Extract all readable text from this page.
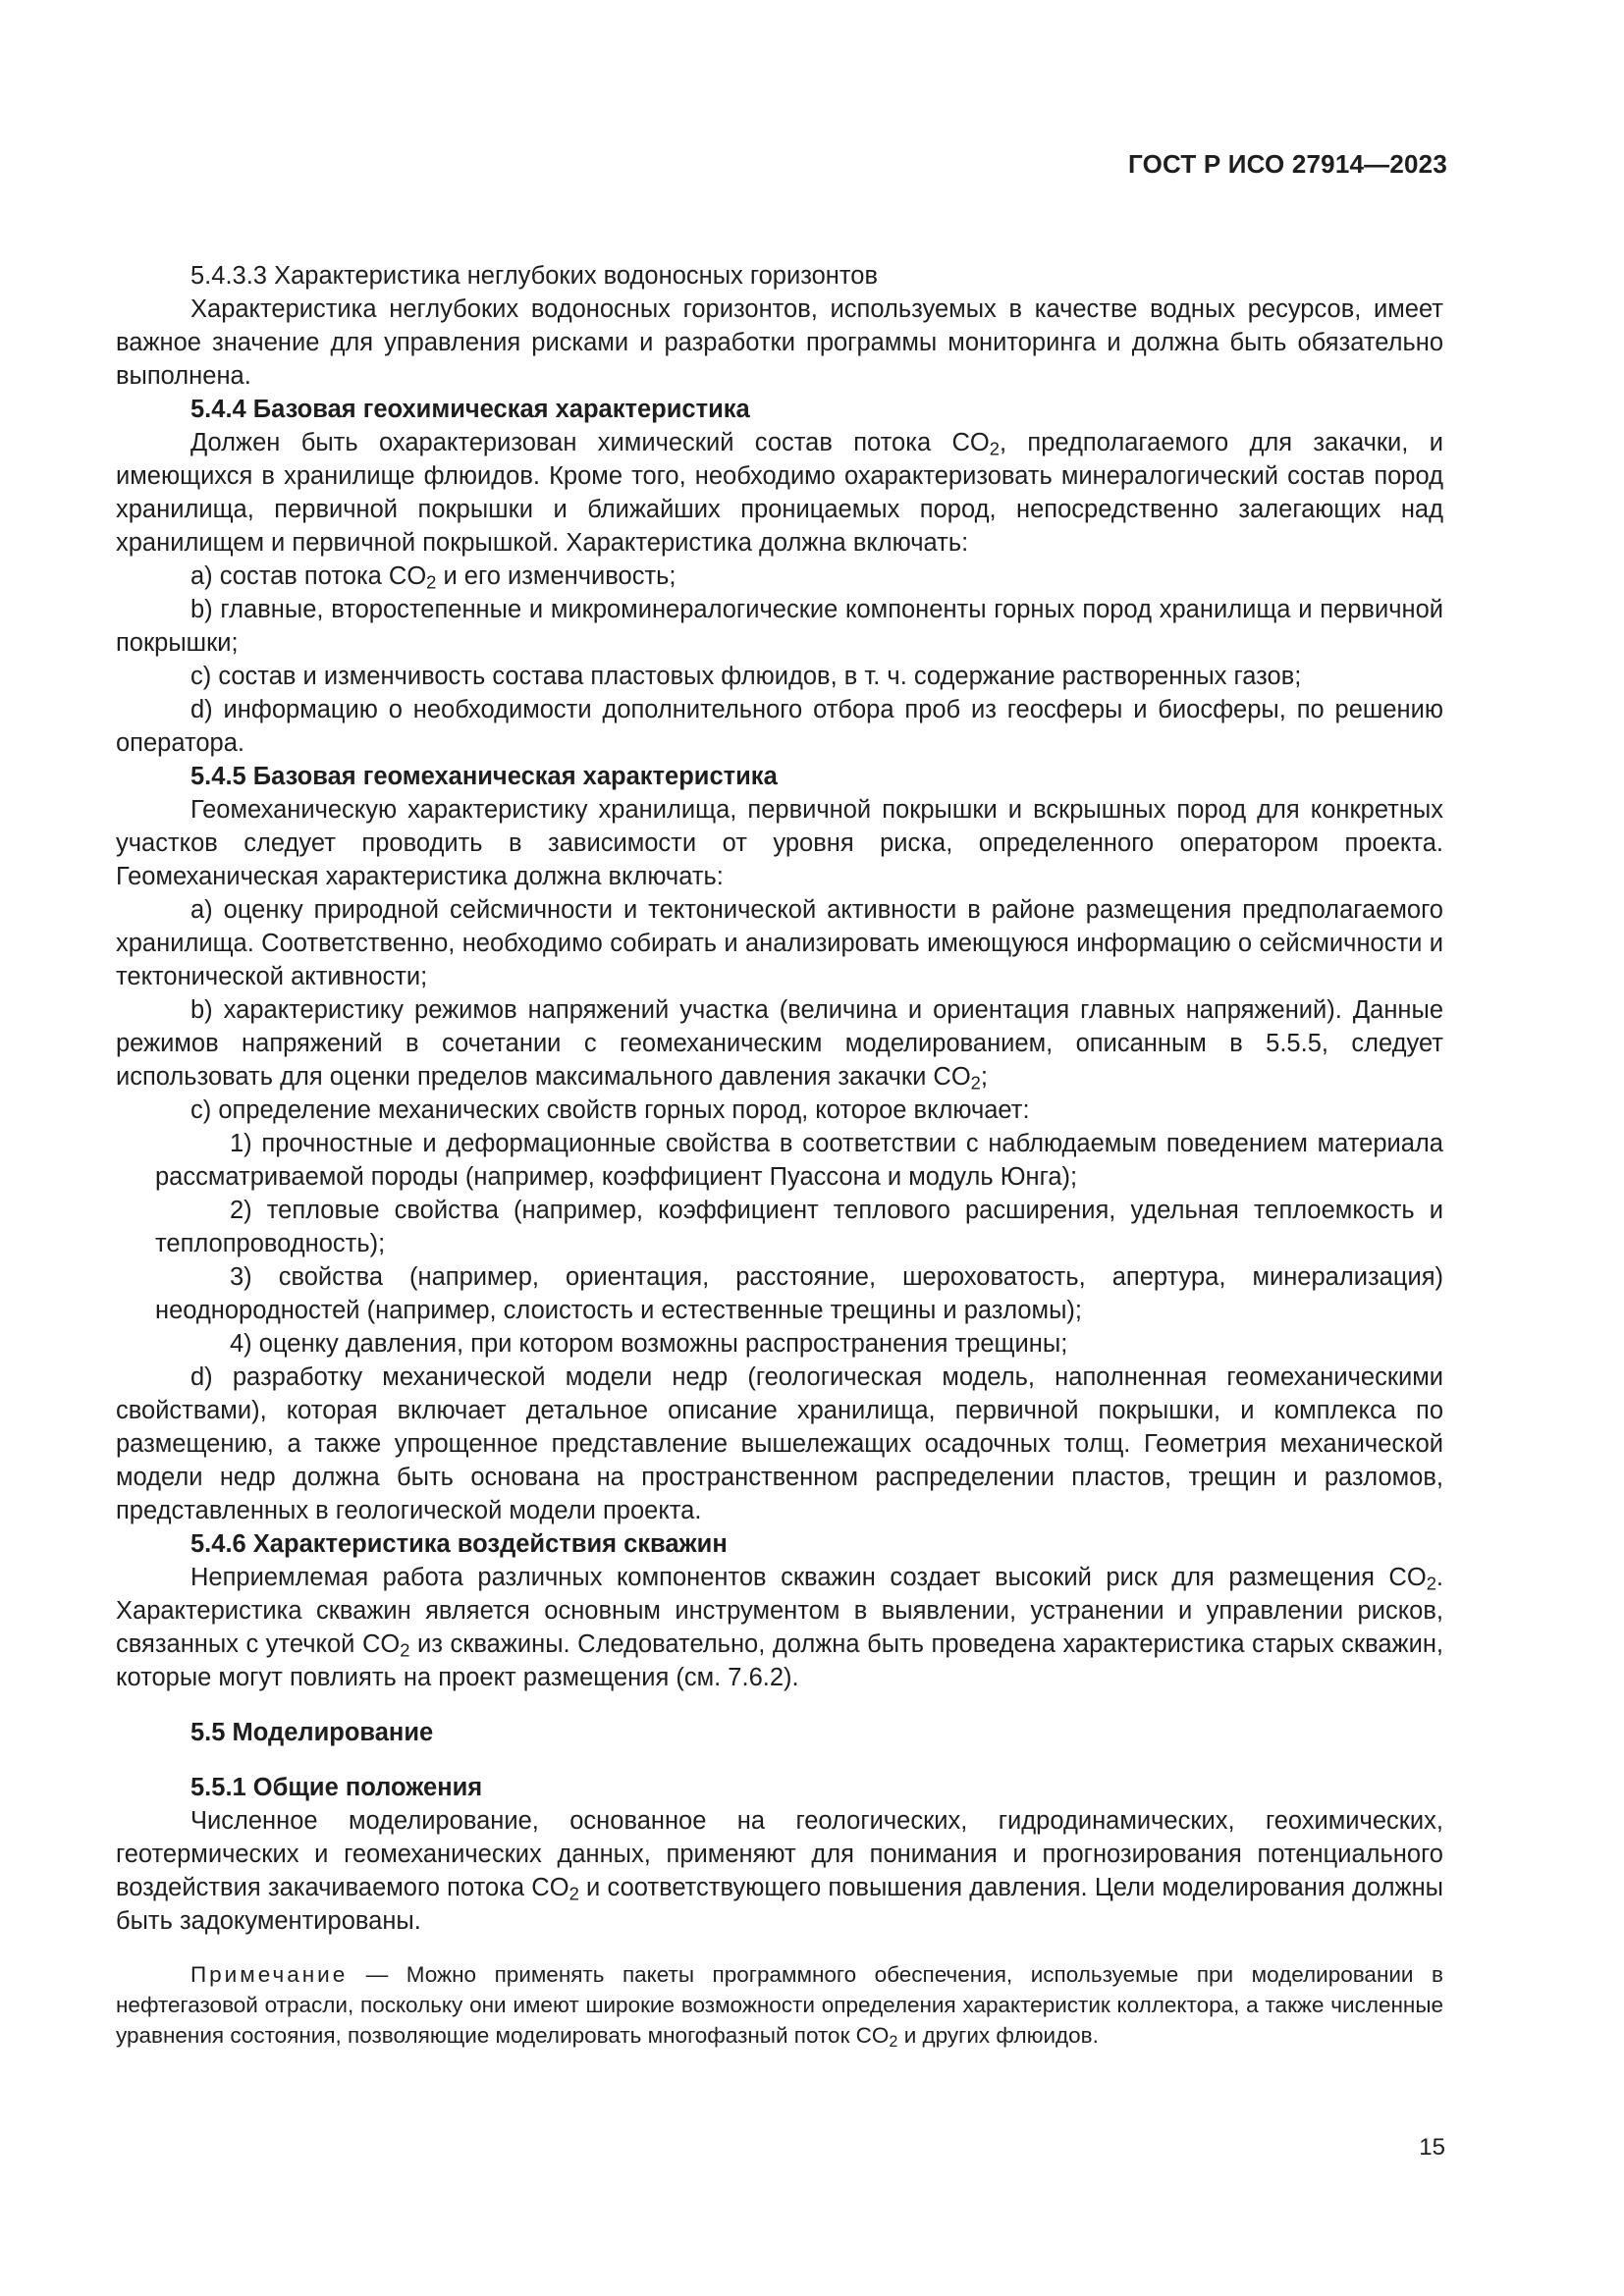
ГОСТ Р ИСО 27914—2023

5.4.3.3 Характеристика неглубоких водоносных горизонтов

Характеристика неглубоких водоносных горизонтов, используемых в качестве водных ресурсов, имеет важное значение для управления рисками и разработки программы мониторинга и должна быть обязательно выполнена.

5.4.4 Базовая геохимическая характеристика

Должен быть охарактеризован химический состав потока $CO_2$, предполагаемого для закачки, и имеющихся в хранилище флюидов. Кроме того, необходимо охарактеризовать минералогический состав пород хранилища, первичной покрышки и ближайших проницаемых пород, непосредственно залегающих над хранилищем и первичной покрышкой. Характеристика должна включать:

а) состав потока $CO_2$ и его изменчивость;

b) главные, второстепенные и микроминералогические компоненты горных пород хранилища и первичной покрышки;

c) состав и изменчивость состава пластовых флюидов, в т. ч. содержание растворенных газов;

d) информацию о необходимости дополнительного отбора проб из геосферы и биосферы, по решению оператора.

5.4.5 Базовая геомеханическая характеристика

Геомеханическую характеристику хранилища, первичной покрышки и вскрышных пород для конкретных участков следует проводить в зависимости от уровня риска, определенного оператором проекта. Геомеханическая характеристика должна включать:

а) оценку природной сейсмичности и тектонической активности в районе размещения предполагаемого хранилища. Соответственно, необходимо собирать и анализировать имеющуюся информацию о сейсмичности и тектонической активности;

b) характеристику режимов напряжений участка (величина и ориентация главных напряжений). Данные режимов напряжений в сочетании с геомеханическим моделированием, описанным в 5.5.5, следует использовать для оценки пределов максимального давления закачки $CO_2$;

c) определение механических свойств горных пород, которое включает:

1) прочностные и деформационные свойства в соответствии с наблюдаемым поведением материала рассматриваемой породы (например, коэффициент Пуассона и модуль Юнга);

2) тепловые свойства (например, коэффициент теплового расширения, удельная теплоемкость и теплопроводность);

3) свойства (например, ориентация, расстояние, шероховатость, апертура, минерализация) неоднородностей (например, слоистость и естественные трещины и разломы);

4) оценку давления, при котором возможны распространения трещины;

d) разработку механической модели недр (геологическая модель, наполненная геомеханическими свойствами), которая включает детальное описание хранилища, первичной покрышки, и комплекса по размещению, а также упрощенное представление вышележащих осадочных толщ. Геометрия механической модели недр должна быть основана на пространственном распределении пластов, трещин и разломов, представленных в геологической модели проекта.

5.4.6 Характеристика воздействия скважин

Неприемлемая работа различных компонентов скважин создает высокий риск для размещения $CO_2$. Характеристика скважин является основным инструментом в выявлении, устранении и управлении рисков, связанных с утечкой $CO_2$ из скважины. Следовательно, должна быть проведена характеристика старых скважин, которые могут повлиять на проект размещения (см. 7.6.2).

5.5 Моделирование

5.5.1 Общие положения

Численное моделирование, основанное на геологических, гидродинамических, геохимических, геотермических и геомеханических данных, применяют для понимания и прогнозирования потенциального воздействия закачиваемого потока $CO_2$ и соответствующего повышения давления. Цели моделирования должны быть задокументированы.

Примечание — Можно применять пакеты программного обеспечения, используемые при моделировании в нефтегазовой отрасли, поскольку они имеют широкие возможности определения характеристик коллектора, а также численные уравнения состояния, позволяющие моделировать многофазный поток $CO_2$ и других флюидов.

15
